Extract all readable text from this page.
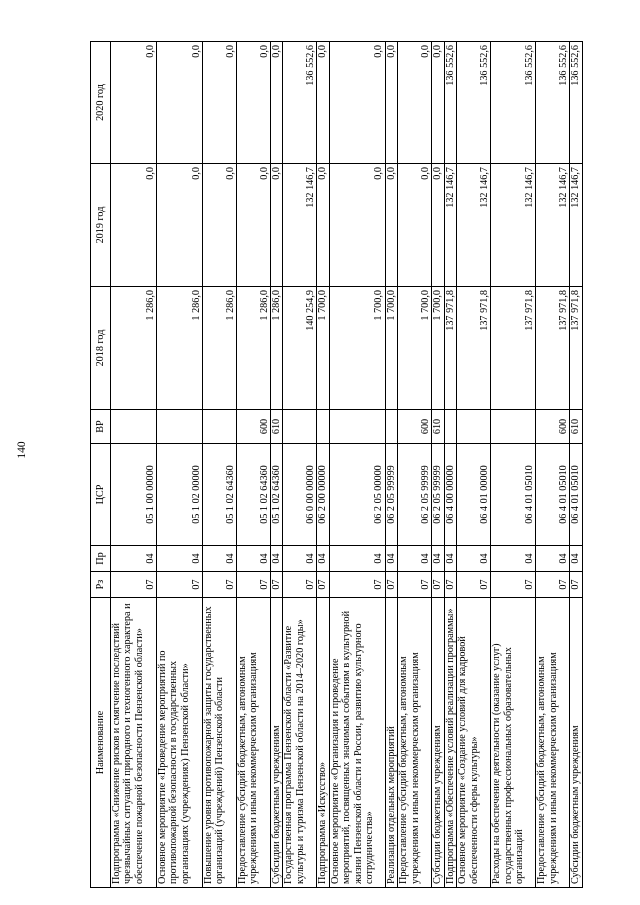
140
Наименование	Рз	Пр	ЦСР	ВР	2018 год	2019 год	2020 год
Подпрограмма «Снижение рисков и смягчение последствий чрезвычайных ситуаций природного и техногенного характера и обеспечение пожарной безопасности Пензенской области»	07	04	05 1 00 00000		1 286,0	0,0	0,0
Основное мероприятие «Проведение мероприятий по противопожарной безопасности в государственных организациях (учреждениях) Пензенской области»	07	04	05 1 02 00000		1 286,0	0,0	0,0
Повышение уровня противопожарной защиты государственных организаций (учреждений) Пензенской области	07	04	05 1 02 64360		1 286,0	0,0	0,0
Предоставление субсидий бюджетным, автономным учреждениям и иным некоммерческим организациям	07	04	05 1 02 64360	600	1 286,0	0,0	0,0
Субсидии бюджетным учреждениям	07	04	05 1 02 64360	610	1 286,0	0,0	0,0
Государственная программа Пензенской области «Развитие культуры и туризма Пензенской области на 2014–2020 годы»	07	04	06 0 00 00000		140 254,9	132 146,7	136 552,6
Подпрограмма «Искусство»	07	04	06 2 00 00000		1 700,0	0,0	0,0
Основное мероприятие «Организация и проведение мероприятий, посвященных значимым событиям в культурной жизни Пензенской области и России, развитию культурного сотрудничества»	07	04	06 2 05 00000		1 700,0	0,0	0,0
Реализация отдельных мероприятий	07	04	06 2 05 99999		1 700,0	0,0	0,0
Предоставление субсидий бюджетным, автономным учреждениям и иным некоммерческим организациям	07	04	06 2 05 99999	600	1 700,0	0,0	0,0
Субсидии бюджетным учреждениям	07	04	06 2 05 99999	610	1 700,0	0,0	0,0
Подпрограмма «Обеспечение условий реализации программы»	07	04	06 4 00 00000		137 971,8	132 146,7	136 552,6
Основное мероприятие «Создание условий для кадровой обеспеченности сферы культуры»	07	04	06 4 01 00000		137 971,8	132 146,7	136 552,6
Расходы на обеспечение деятельности (оказание услуг) государственных профессиональных образовательных организаций	07	04	06 4 01 05010		137 971,8	132 146,7	136 552,6
Предоставление субсидий бюджетным, автономным учреждениям и иным некоммерческим организациям	07	04	06 4 01 05010	600	137 971,8	132 146,7	136 552,6
Субсидии бюджетным учреждениям	07	04	06 4 01 05010	610	137 971,8	132 146,7	136 552,6
